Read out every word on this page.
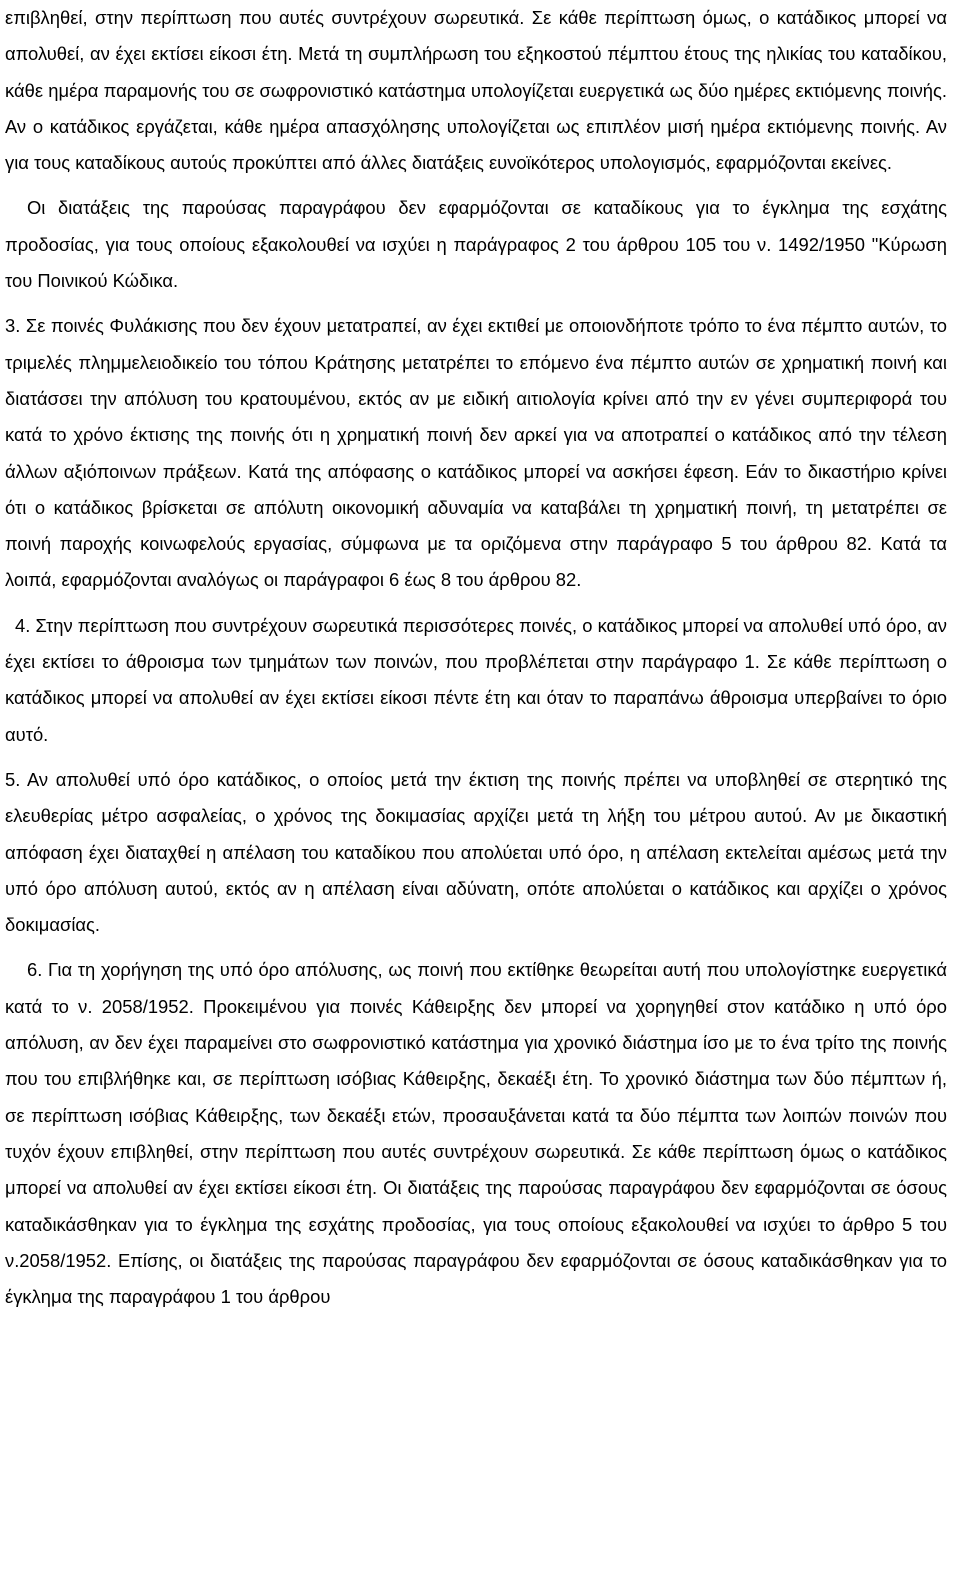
επιβληθεί, στην περίπτωση που αυτές συντρέχουν σωρευτικά. Σε κάθε περίπτωση όμως, ο κατάδικος μπορεί να απολυθεί, αν έχει εκτίσει είκοσι έτη. Μετά τη συμπλήρωση του εξηκοστού πέμπτου έτους της ηλικίας του καταδίκου, κάθε ημέρα παραμονής του σε σωφρονιστικό κατάστημα υπολογίζεται ευεργετικά ως δύο ημέρες εκτιόμενης ποινής. Αν ο κατάδικος εργάζεται, κάθε ημέρα απασχόλησης υπολογίζεται ως επιπλέον μισή ημέρα εκτιόμενης ποινής. Αν για τους καταδίκους αυτούς προκύπτει από άλλες διατάξεις ευνοϊκότερος υπολογισμός, εφαρμόζονται εκείνες.

Οι διατάξεις της παρούσας παραγράφου δεν εφαρμόζονται σε καταδίκους για το έγκλημα της εσχάτης προδοσίας, για τους οποίους εξακολουθεί να ισχύει η παράγραφος 2 του άρθρου 105 του ν. 1492/1950 "Κύρωση του Ποινικού Κώδικα.

3. Σε ποινές Φυλάκισης που δεν έχουν μετατραπεί, αν έχει εκτιθεί με οποιονδήποτε τρόπο το ένα πέμπτο αυτών, το τριμελές πλημμελειοδικείο του τόπου Κράτησης μετατρέπει το επόμενο ένα πέμπτο αυτών σε χρηματική ποινή και διατάσσει την απόλυση του κρατουμένου, εκτός αν με ειδική αιτιολογία κρίνει από την εν γένει συμπεριφορά του κατά το χρόνο έκτισης της ποινής ότι η χρηματική ποινή δεν αρκεί για να αποτραπεί ο κατάδικος από την τέλεση άλλων αξιόποινων πράξεων. Κατά της απόφασης ο κατάδικος μπορεί να ασκήσει έφεση. Εάν το δικαστήριο κρίνει ότι ο κατάδικος βρίσκεται σε απόλυτη οικονομική αδυναμία να καταβάλει τη χρηματική ποινή, τη μετατρέπει σε ποινή παροχής κοινωφελούς εργασίας, σύμφωνα με τα οριζόμενα στην παράγραφο 5 του άρθρου 82. Κατά τα λοιπά, εφαρμόζονται αναλόγως οι παράγραφοι 6 έως 8 του άρθρου 82.

4. Στην περίπτωση που συντρέχουν σωρευτικά περισσότερες ποινές, ο κατάδικος μπορεί να απολυθεί υπό όρο, αν έχει εκτίσει το άθροισμα των τμημάτων των ποινών, που προβλέπεται στην παράγραφο 1. Σε κάθε περίπτωση ο κατάδικος μπορεί να απολυθεί αν έχει εκτίσει είκοσι πέντε έτη και όταν το παραπάνω άθροισμα υπερβαίνει το όριο αυτό.

5. Αν απολυθεί υπό όρο κατάδικος, ο οποίος μετά την έκτιση της ποινής πρέπει να υποβληθεί σε στερητικό της ελευθερίας μέτρο ασφαλείας, ο χρόνος της δοκιμασίας αρχίζει μετά τη λήξη του μέτρου αυτού. Αν με δικαστική απόφαση έχει διαταχθεί η απέλαση του καταδίκου που απολύεται υπό όρο, η απέλαση εκτελείται αμέσως μετά την υπό όρο απόλυση αυτού, εκτός αν η απέλαση είναι αδύνατη, οπότε απολύεται ο κατάδικος και αρχίζει ο χρόνος δοκιμασίας.

6. Για τη χορήγηση της υπό όρο απόλυσης, ως ποινή που εκτίθηκε θεωρείται αυτή που υπολογίστηκε ευεργετικά κατά το ν. 2058/1952. Προκειμένου για ποινές Κάθειρξης δεν μπορεί να χορηγηθεί στον κατάδικο η υπό όρο απόλυση, αν δεν έχει παραμείνει στο σωφρονιστικό κατάστημα για χρονικό διάστημα ίσο με το ένα τρίτο της ποινής που του επιβλήθηκε και, σε περίπτωση ισόβιας Κάθειρξης, δεκαέξι έτη. Το χρονικό διάστημα των δύο πέμπτων ή, σε περίπτωση ισόβιας Κάθειρξης, των δεκαέξι ετών, προσαυξάνεται κατά τα δύο πέμπτα των λοιπών ποινών που τυχόν έχουν επιβληθεί, στην περίπτωση που αυτές συντρέχουν σωρευτικά. Σε κάθε περίπτωση όμως ο κατάδικος μπορεί να απολυθεί αν έχει εκτίσει είκοσι έτη. Οι διατάξεις της παρούσας παραγράφου δεν εφαρμόζονται σε όσους καταδικάσθηκαν για το έγκλημα της εσχάτης προδοσίας, για τους οποίους εξακολουθεί να ισχύει το άρθρο 5 του ν.2058/1952. Επίσης, οι διατάξεις της παρούσας παραγράφου δεν εφαρμόζονται σε όσους καταδικάσθηκαν για το έγκλημα της παραγράφου 1 του άρθρου
